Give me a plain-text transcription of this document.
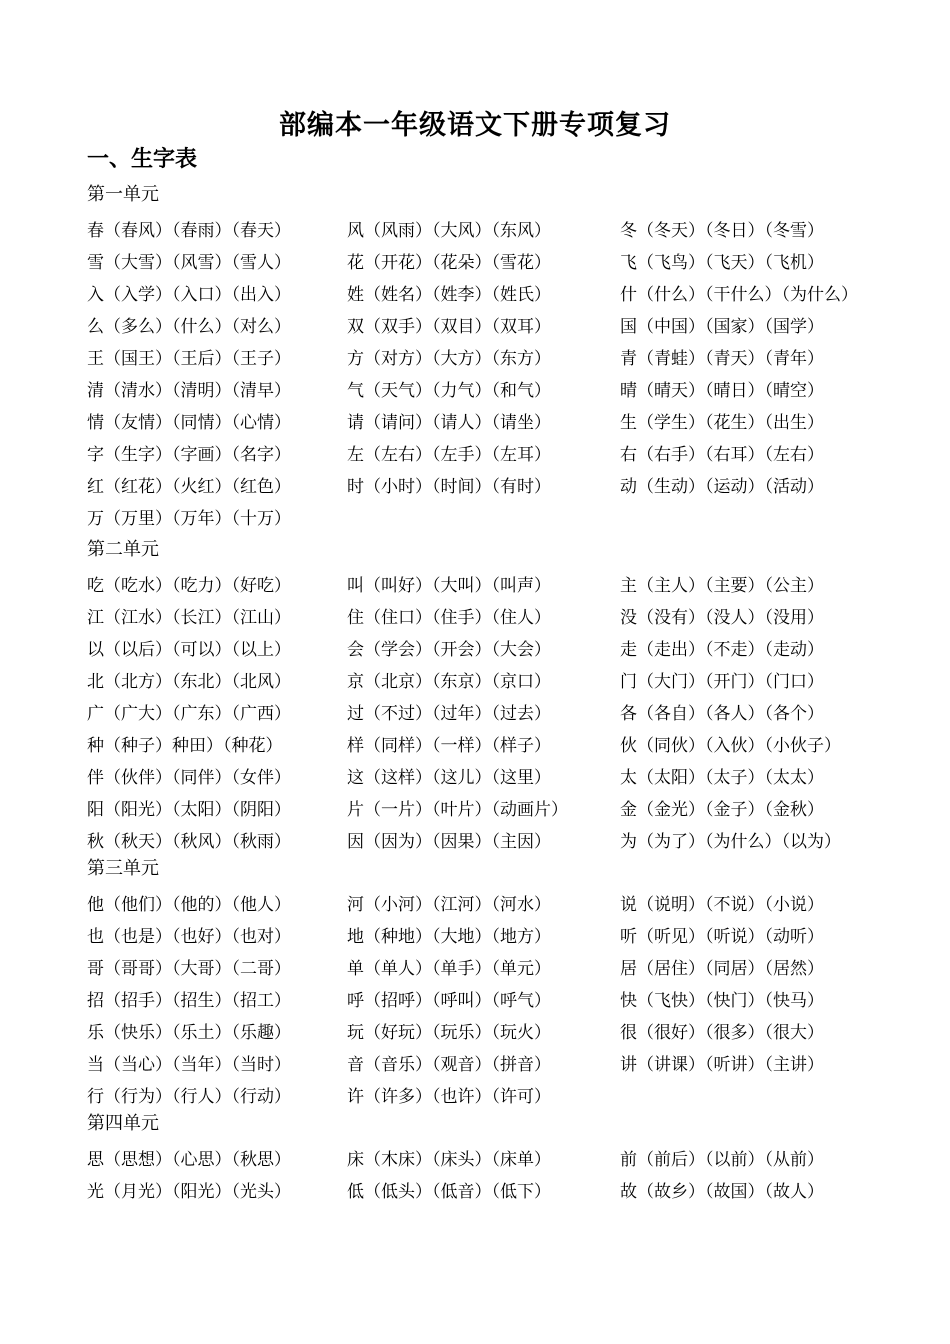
部编本一年级语文下册专项复习
一、生字表
第一单元
春（春风）（春雨）（春天）	风（风雨）（大风）（东风）	冬（冬天）（冬日）（冬雪）
雪（大雪）（风雪）（雪人）	花（开花）（花朵）（雪花）	飞（飞鸟）（飞天）（飞机）
入（入学）（入口）（出入）	姓（姓名）（姓李）（姓氏）	什（什么）（干什么）（为什么）
么（多么）（什么）（对么）	双（双手）（双目）（双耳）	国（中国）（国家）（国学）
王（国王）（王后）（王子）	方（对方）（大方）（东方）	青（青蛙）（青天）（青年）
清（清水）（清明）（清早）	气（天气）（力气）（和气）	晴（晴天）（晴日）（晴空）
情（友情）（同情）（心情）	请（请问）（请人）（请坐）	生（学生）（花生）（出生）
字（生字）（字画）（名字）	左（左右）（左手）（左耳）	右（右手）（右耳）（左右）
红（红花）（火红）（红色）	时（小时）（时间）（有时）	动（生动）（运动）（活动）
万（万里）（万年）（十万）
第二单元
吃（吃水）（吃力）（好吃）	叫（叫好）（大叫）（叫声）	主（主人）（主要）（公主）
江（江水）（长江）（江山）	住（住口）（住手）（住人）	没（没有）（没人）（没用）
以（以后）（可以）（以上）	会（学会）（开会）（大会）	走（走出）（不走）（走动）
北（北方）（东北）（北风）	京（北京）（东京）（京口）	门（大门）（开门）（门口）
广（广大）（广东）（广西）	过（不过）（过年）（过去）	各（各自）（各人）（各个）
种（种子）种田）（种花）	样（同样）（一样）（样子）	伙（同伙）（入伙）（小伙子）
伴（伙伴）（同伴）（女伴）	这（这样）（这儿）（这里）	太（太阳）（太子）（太太）
阳（阳光）（太阳）（阴阳）	片（一片）（叶片）（动画片）	金（金光）（金子）（金秋）
秋（秋天）（秋风）（秋雨）	因（因为）（因果）（主因）	为（为了）（为什么）（以为）
第三单元
他（他们）（他的）（他人）	河（小河）（江河）（河水）	说（说明）（不说）（小说）
也（也是）（也好）（也对）	地（种地）（大地）（地方）	听（听见）（听说）（动听）
哥（哥哥）（大哥）（二哥）	单（单人）（单手）（单元）	居（居住）（同居）（居然）
招（招手）（招生）（招工）	呼（招呼）（呼叫）（呼气）	快（飞快）（快门）（快马）
乐（快乐）（乐土）（乐趣）	玩（好玩）（玩乐）（玩火）	很（很好）（很多）（很大）
当（当心）（当年）（当时）	音（音乐）（观音）（拼音）	讲（讲课）（听讲）（主讲）
行（行为）（行人）（行动）	许（许多）（也许）（许可）
第四单元
思（思想）（心思）（秋思）	床（木床）（床头）（床单）	前（前后）（以前）（从前）
光（月光）（阳光）（光头）	低（低头）（低音）（低下）	故（故乡）（故国）（故人）
